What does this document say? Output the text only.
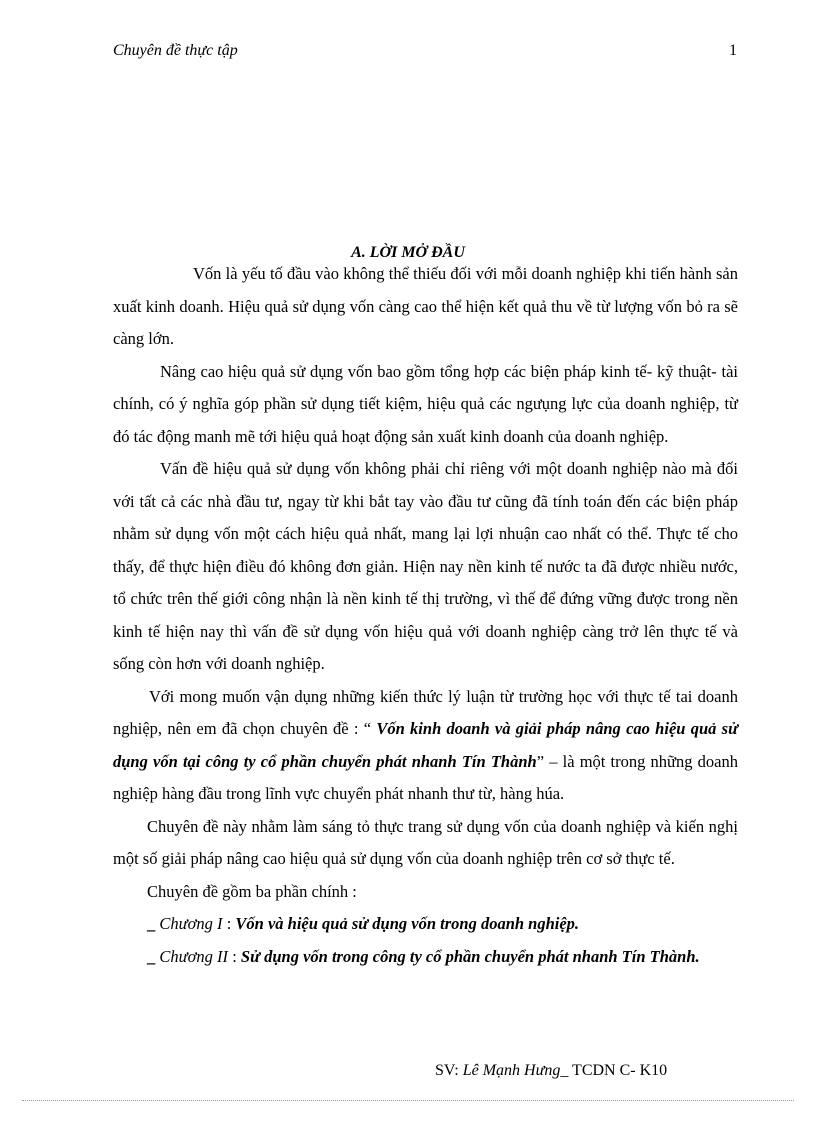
Chuyên đề thực tập	1
A. LỜI MỞ ĐẦU

Vốn là yếu tố đầu vào không thể thiếu đối với mỗi doanh nghiệp khi tiến hành sản xuất kinh doanh. Hiệu quả sử dụng vốn càng cao thể hiện kết quả thu về từ lượng vốn bỏ ra sẽ càng lớn.

Nâng cao hiệu quả sử dụng vốn bao gồm tổng hợp các biện pháp kinh tế- kỹ thuật- tài chính, có ý nghĩa góp phần sử dụng tiết kiệm, hiệu quả các ngưụng lực của doanh nghiệp, từ đó tác động manh mẽ tới hiệu quả hoạt động sản xuất kinh doanh của doanh nghiệp.

Vấn đề hiệu quả sử dụng vốn không phải chỉ riêng với một doanh nghiệp nào mà đối với tất cả các nhà đầu tư, ngay từ khi bắt tay vào đầu tư cũng đã tính toán đến các biện pháp nhằm sử dụng vốn một cách hiệu quả nhất, mang lại lợi nhuận cao nhất có thể. Thực tế cho thấy, để thực hiện điều đó không đơn giản. Hiện nay nền kinh tế nước ta đã được nhiều nước, tổ chức trên thế giới công nhận là nền kinh tế thị trường, vì thế để đứng vững được trong nền kinh tế hiện nay thì vấn đề sử dụng vốn hiệu quả với doanh nghiệp càng trở lên thực tế và sống còn hơn với doanh nghiệp.

Với mong muốn vận dụng những kiến thức lý luận từ trường học với thực tế tai doanh nghiệp, nên em đã chọn chuyên đề : “ Vốn kinh doanh và giải pháp nâng cao hiệu quả sử dụng vốn tại công ty cổ phần chuyển phát nhanh Tín Thành” – là một trong những doanh nghiệp hàng đầu trong lĩnh vực chuyển phát nhanh thư từ, hàng húa.

Chuyên đề này nhằm làm sáng tỏ thực trang sử dụng vốn của doanh nghiệp và kiến nghị một số giải pháp nâng cao hiệu quả sử dụng vốn của doanh nghiệp trên cơ sở thực tế.

Chuyên đề gồm ba phần chính :

_ Chương I : Vốn và hiệu quả sử dụng vốn trong doanh nghiệp.

_ Chương II : Sử dụng vốn trong công ty cổ phần chuyển phát nhanh Tín Thành.

SV: Lê Mạnh Hưng_ TCDN C- K10
